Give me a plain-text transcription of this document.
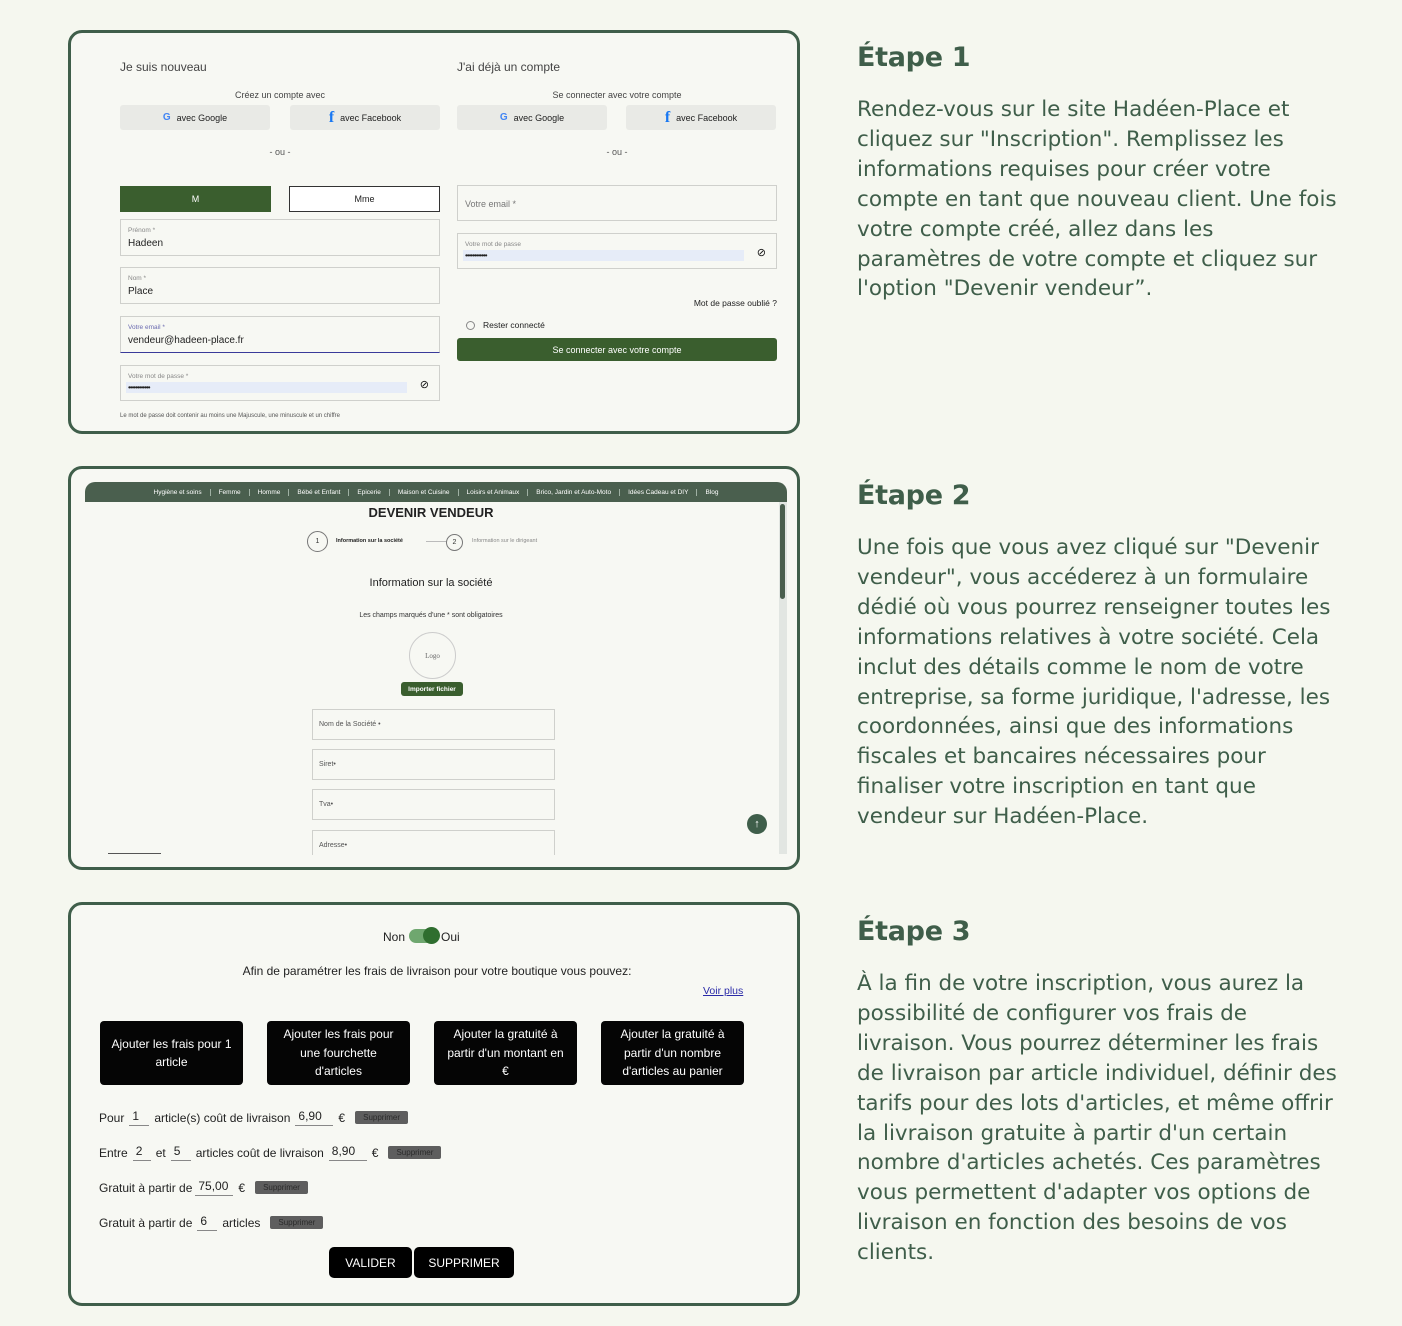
Je suis nouveau
Créez un compte avec
G avec Google	f avec Facebook
- ou -
M	Mme
Prénom *
Hadeen
Nom *
Place
Votre email *
vendeur@hadeen-place.fr
Votre mot de passe *
••••••••••••	⊘
Le mot de passe doit contenir au moins une Majuscule, une minuscule et un chiffre
J'ai déjà un compte
Se connecter avec votre compte
G avec Google	f avec Facebook
- ou -
Votre email *
Votre mot de passe
••••••••••••	⊘
Mot de passe oublié ?
Rester connecté
Se connecter avec votre compte
Hygiène et soins	Femme	Homme	Bébé et Enfant	Epicerie	Maison et Cuisine	Loisirs et Animaux	Brico, Jardin et Auto-Moto	Idées Cadeau et DIY	Blog
DEVENIR VENDEUR
1	Information sur la société	2	Information sur le dirigeant
Information sur la société
Les champs marqués d'une * sont obligatoires
Logo
Importer fichier
Nom de la Société •
Siret•
Tva•
Adresse•
↑
Non	Oui
Afin de paramétrer les frais de livraison pour votre boutique vous pouvez:
Voir plus
Ajouter les frais pour 1 article
Ajouter les frais pour une fourchette d'articles
Ajouter la gratuité à partir d'un montant en €
Ajouter la gratuité à partir d'un nombre d'articles au panier
Pour 1	article(s) coût de livraison 6,90	€	Supprimer
Entre 2	et 5	articles coût de livraison 8,90	€	Supprimer
Gratuit à partir de 75,00 €	Supprimer
Gratuit à partir de 6	articles	Supprimer
VALIDER	SUPPRIMER
Étape 1

Rendez-vous sur le site Hadéen-Place et cliquez sur "Inscription". Remplissez les informations requises pour créer votre compte en tant que nouveau client. Une fois votre compte créé, allez dans les paramètres de votre compte et cliquez sur l'option "Devenir vendeur”.

Étape 2

Une fois que vous avez cliqué sur "Devenir vendeur", vous accéderez à un formulaire dédié où vous pourrez renseigner toutes les informations relatives à votre société. Cela inclut des détails comme le nom de votre entreprise, sa forme juridique, l'adresse, les coordonnées, ainsi que des informations fiscales et bancaires nécessaires pour finaliser votre inscription en tant que vendeur sur Hadéen-Place.

Étape 3

À la fin de votre inscription, vous aurez la possibilité de configurer vos frais de livraison. Vous pourrez déterminer les frais de livraison par article individuel, définir des tarifs pour des lots d'articles, et même offrir la livraison gratuite à partir d'un certain nombre d'articles achetés. Ces paramètres vous permettent d'adapter vos options de livraison en fonction des besoins de vos clients.
